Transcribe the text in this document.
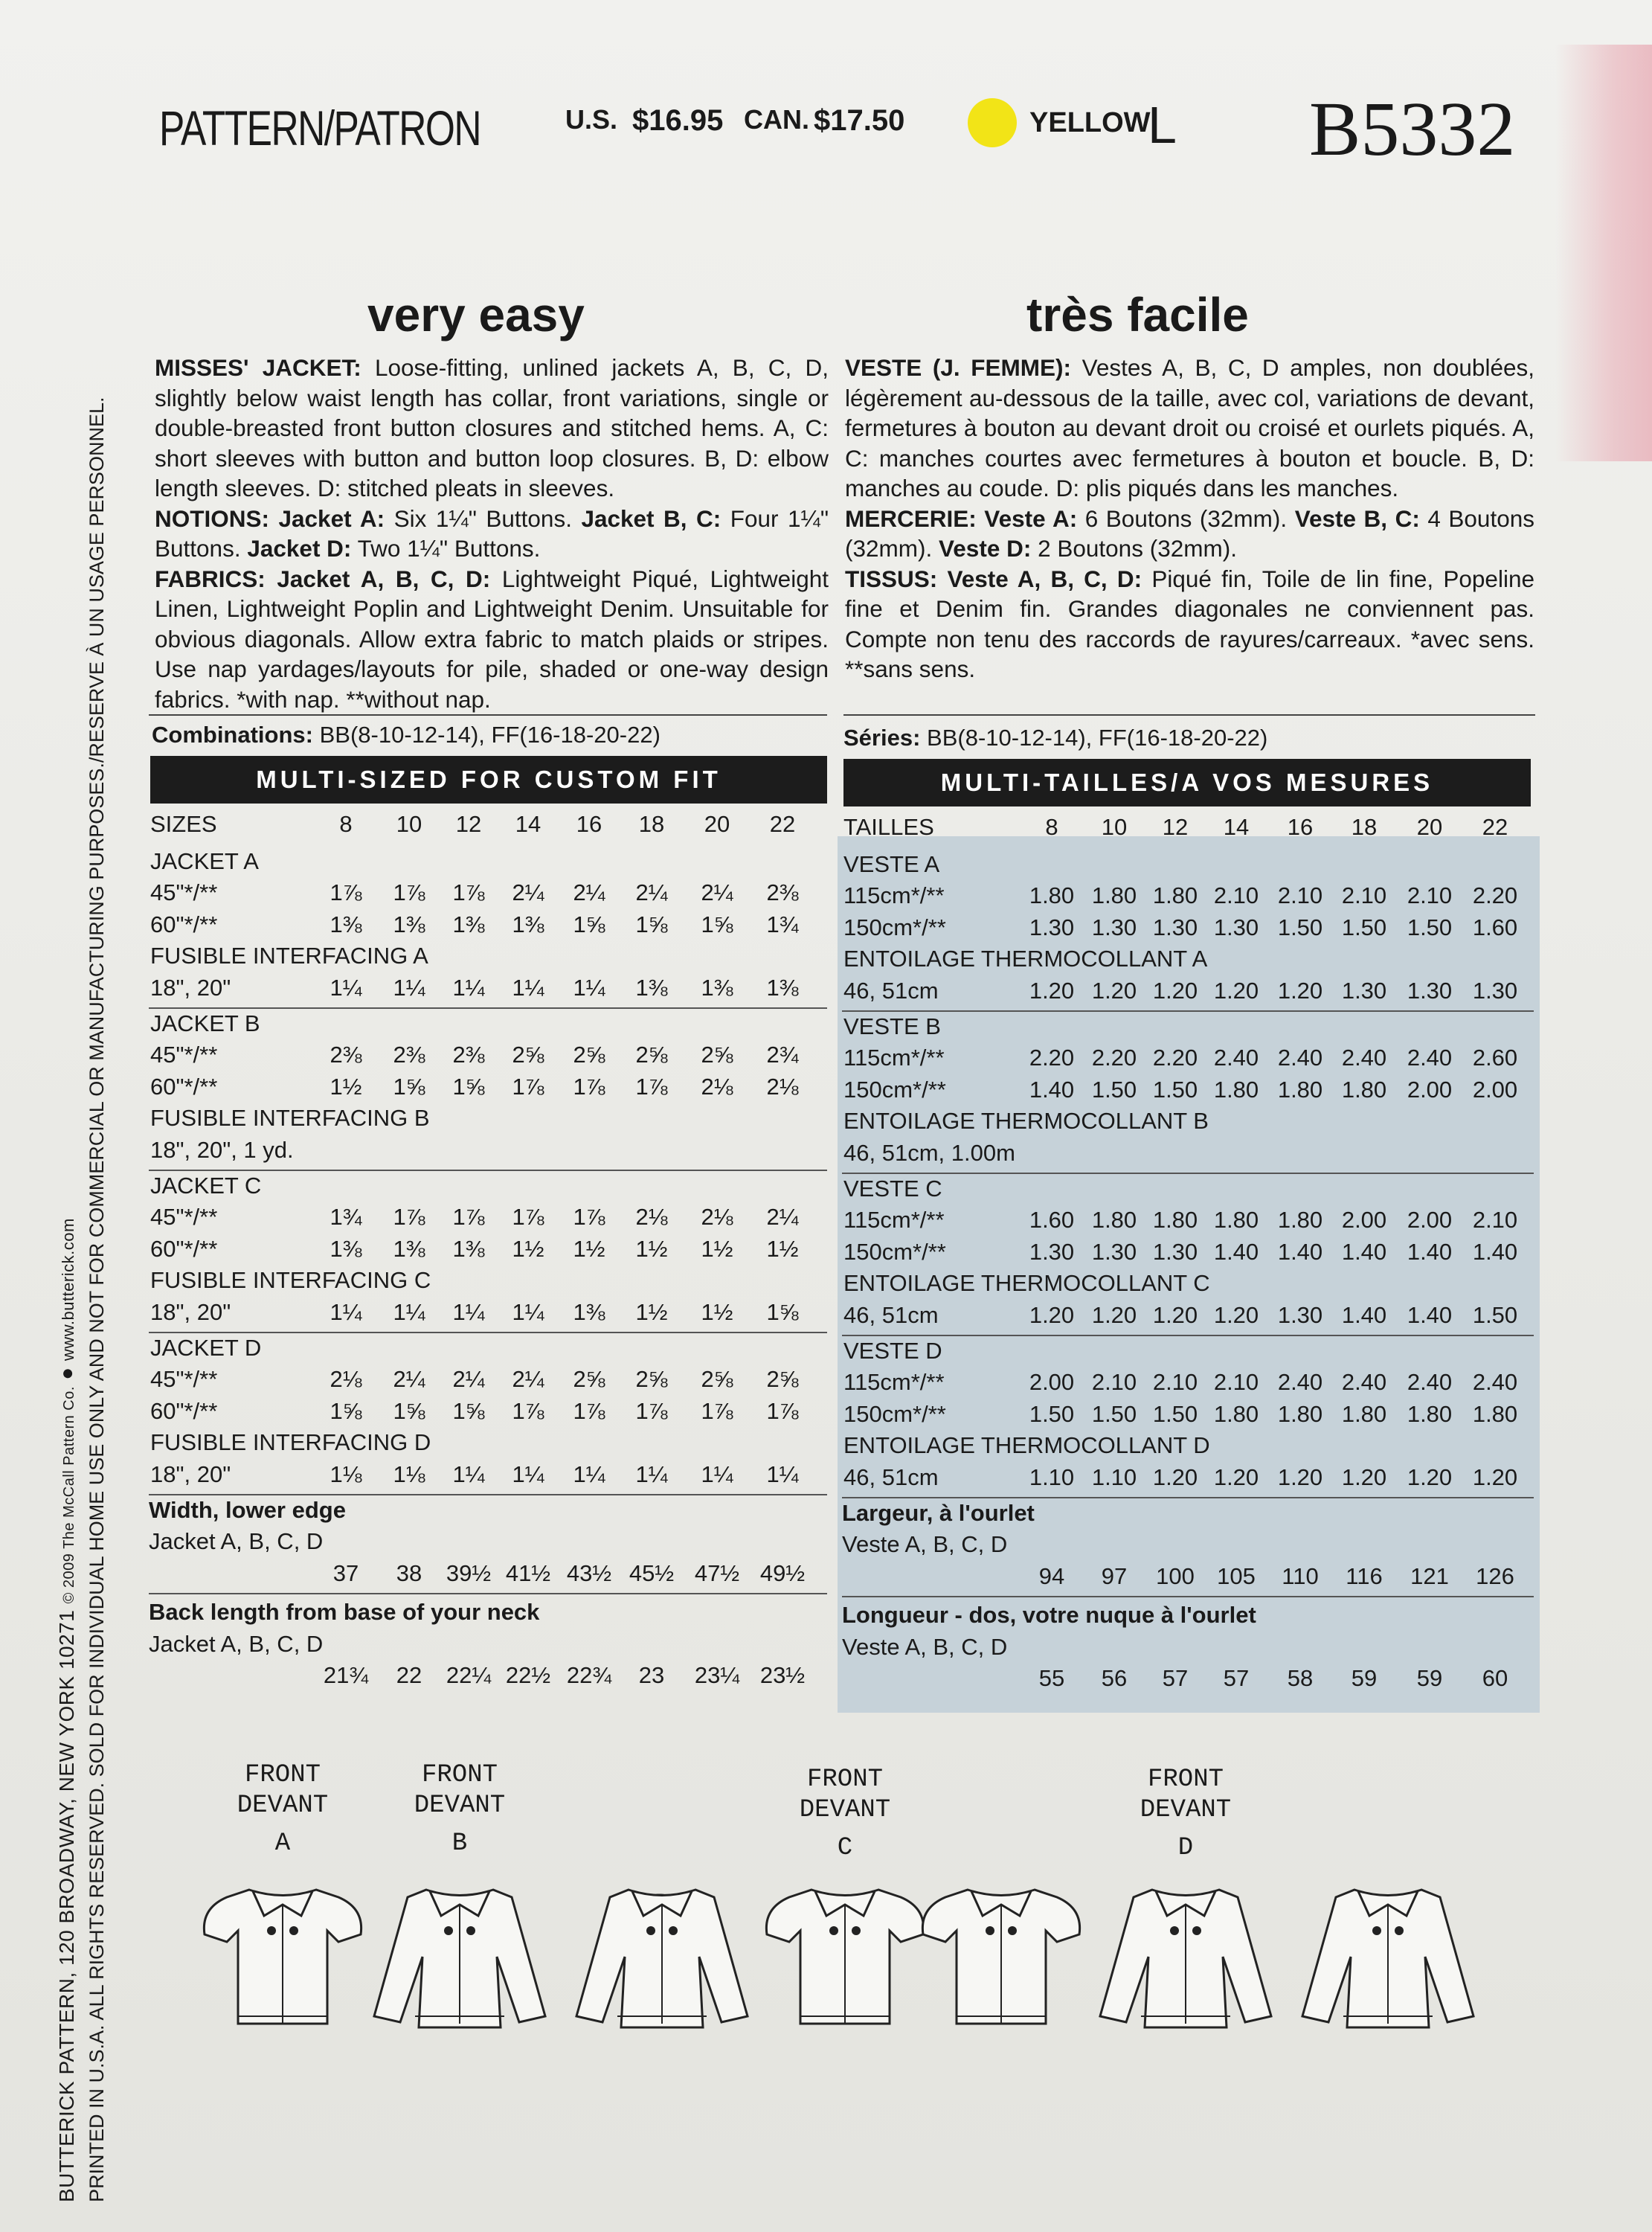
PATTERN/PATRON	U.S. $16.95 CAN. $17.50	YELLOW
L B5332
very easy	très facile

MISSES' JACKET: Loose-fitting, unlined jackets A, B, C, D, slightly below waist length has collar, front variations, single or double-breasted front button closures and stitched hems. A, C: short sleeves with button and button loop closures. B, D: elbow length sleeves. D: stitched pleats in sleeves.

NOTIONS: Jacket A: Six 1¼" Buttons. Jacket B, C: Four 1¼" Buttons. Jacket D: Two 1¼" Buttons.

FABRICS: Jacket A, B, C, D: Lightweight Piqué, Lightweight Linen, Lightweight Poplin and Lightweight Denim. Unsuitable for obvious diagonals. Allow extra fabric to match plaids or stripes. Use nap yardages/layouts for pile, shaded or one-way design fabrics. *with nap. **without nap.

VESTE (J. FEMME): Vestes A, B, C, D amples, non doublées, légèrement au-dessous de la taille, avec col, variations de devant, fermetures à bouton au devant droit ou croisé et ourlets piqués. A, C: manches courtes avec fermetures à bouton et boucle. B, D: manches au coude. D: plis piqués dans les manches.

MERCERIE: Veste A: 6 Boutons (32mm). Veste B, C: 4 Boutons (32mm). Veste D: 2 Boutons (32mm).

TISSUS: Veste A, B, C, D: Piqué fin, Toile de lin fine, Popeline fine et Denim fin. Grandes diagonales ne conviennent pas. Compte non tenu des raccords de rayures/carreaux. *avec sens. **sans sens.

Combinations: BB(8-10-12-14), FF(16-18-20-22)	Séries: BB(8-10-12-14), FF(16-18-20-22)
MULTI-SIZED FOR CUSTOM FIT	MULTI-TAILLES/A VOS MESURES
SIZES	8	10	12	14	16	18	20	22
JACKET A
45"*/**	1⅞	1⅞	1⅞	2¼	2¼	2¼	2¼	2⅜
60"*/**	1⅜	1⅜	1⅜	1⅜	1⅝	1⅝	1⅝	1¾
FUSIBLE INTERFACING A
18", 20"	1¼	1¼	1¼	1¼	1¼	1⅜	1⅜	1⅜
JACKET B
45"*/**	2⅜	2⅜	2⅜	2⅝	2⅝	2⅝	2⅝	2¾
60"*/**	1½	1⅝	1⅝	1⅞	1⅞	1⅞	2⅛	2⅛
FUSIBLE INTERFACING B
18", 20", 1 yd.
JACKET C
45"*/**	1¾	1⅞	1⅞	1⅞	1⅞	2⅛	2⅛	2¼
60"*/**	1⅜	1⅜	1⅜	1½	1½	1½	1½	1½
FUSIBLE INTERFACING C
18", 20"	1¼	1¼	1¼	1¼	1⅜	1½	1½	1⅝
JACKET D
45"*/**	2⅛	2¼	2¼	2¼	2⅝	2⅝	2⅝	2⅝
60"*/**	1⅝	1⅝	1⅝	1⅞	1⅞	1⅞	1⅞	1⅞
FUSIBLE INTERFACING D
18", 20"	1⅛	1⅛	1¼	1¼	1¼	1¼	1¼	1¼
Width, lower edge
Jacket A, B, C, D
37	38	39½ 41½ 43½ 45½ 47½ 49½
Back length from base of your neck
Jacket A, B, C, D
21¾	22	22¼ 22½ 22¾	23	23¼ 23½
TAILLES	8	10	12	14	16	18	20	22
VESTE A
115cm*/**	1.80 1.80 1.80 2.10 2.10 2.10 2.10 2.20
150cm*/**	1.30 1.30 1.30 1.30 1.50 1.50 1.50 1.60
ENTOILAGE THERMOCOLLANT A
46, 51cm	1.20 1.20 1.20 1.20 1.20 1.30 1.30 1.30
VESTE B
115cm*/**	2.20 2.20 2.20 2.40 2.40 2.40 2.40 2.60
150cm*/**	1.40 1.50 1.50 1.80 1.80 1.80 2.00 2.00
ENTOILAGE THERMOCOLLANT B
46, 51cm, 1.00m
VESTE C
115cm*/**	1.60 1.80 1.80 1.80 1.80 2.00 2.00 2.10
150cm*/**	1.30 1.30 1.30 1.40 1.40 1.40 1.40 1.40
ENTOILAGE THERMOCOLLANT C
46, 51cm	1.20 1.20 1.20 1.20 1.30 1.40 1.40 1.50
VESTE D
115cm*/**	2.00 2.10 2.10 2.10 2.40 2.40 2.40 2.40
150cm*/**	1.50 1.50 1.50 1.80 1.80 1.80 1.80 1.80
ENTOILAGE THERMOCOLLANT D
46, 51cm	1.10 1.10 1.20 1.20 1.20 1.20 1.20 1.20
Largeur, à l'ourlet
Veste A, B, C, D
94	97	100 105	110	116	121	126
Longueur - dos, votre nuque à l'ourlet
Veste A, B, C, D
55	56	57	57	58	59	59	60
FRONT
DEVANT
A
FRONT
DEVANT
B
FRONT
DEVANT
C
FRONT
DEVANT
D
BUTTERICK PATTERN, 120 BROADWAY, NEW YORK 10271 © 2009 The McCall Pattern Co. ● www.butterick.com PRINTED IN U.S.A. ALL RIGHTS RESERVED. SOLD FOR INDIVIDUAL HOME USE ONLY AND NOT FOR COMMERCIAL OR MANUFACTURING PURPOSES./RESERVE À UN USAGE PERSONNEL.
